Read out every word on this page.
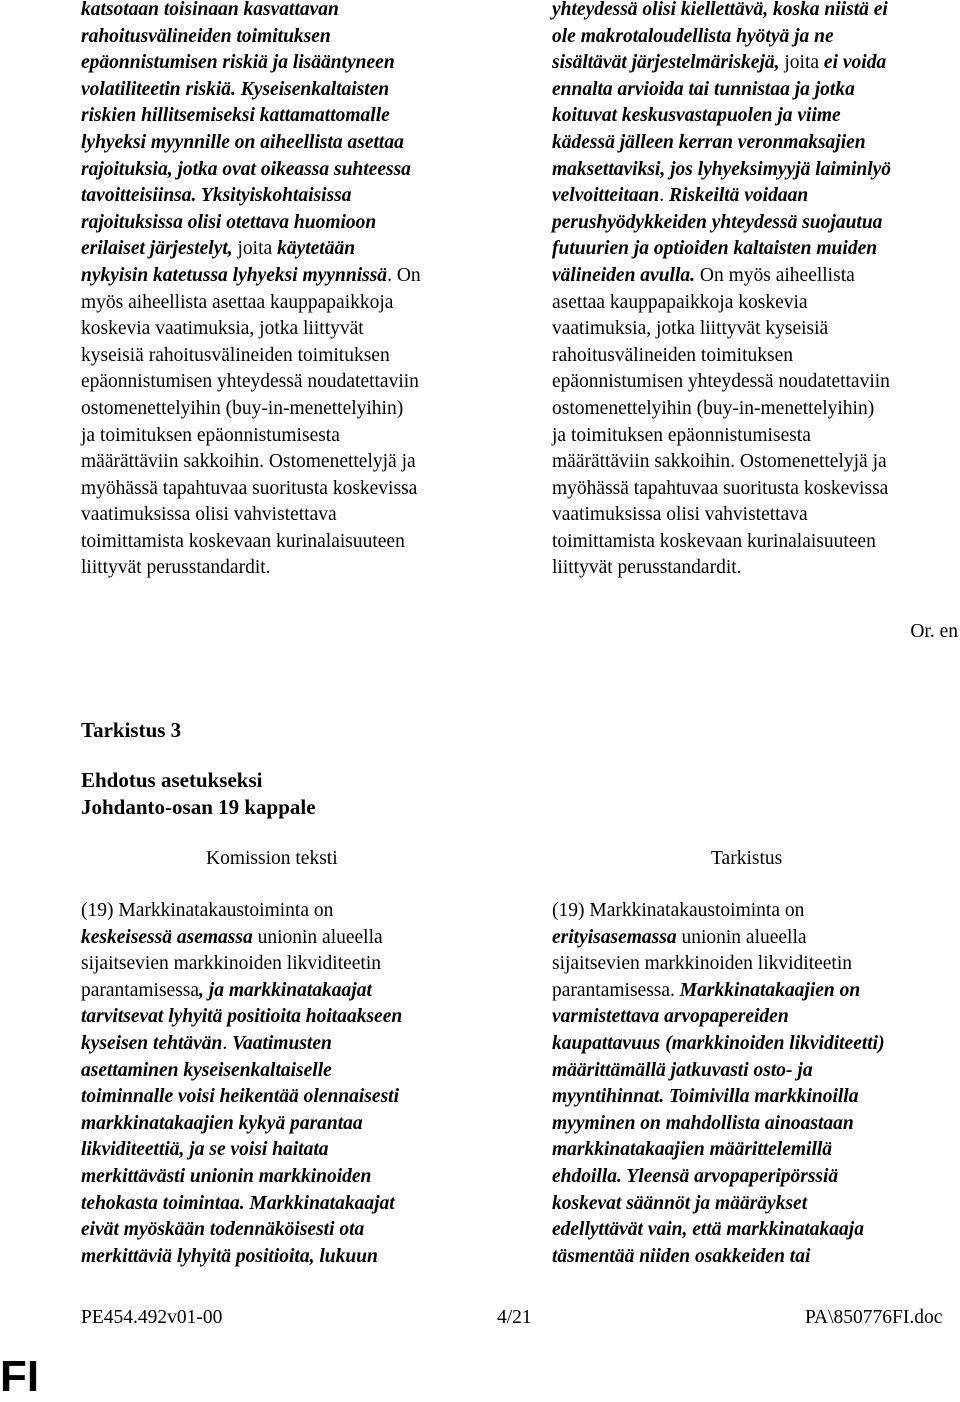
katsotaan toisinaan kasvattavan
rahoitusvälineiden toimituksen
epäonnistumisen riskiä ja lisääntyneen
volatiliteetin riskiä. Kyseisenkaltaisten
riskien hillitsemiseksi kattamattomalle
lyhyeksi myynnille on aiheellista asettaa
rajoituksia, jotka ovat oikeassa suhteessa
tavoitteisiinsa. Yksityiskohtaisissa
rajoituksissa olisi otettava huomioon
erilaiset järjestelyt, joita käytetään
nykyisin katetussa lyhyeksi myynnissä. On
myös aiheellista asettaa kauppapaikkoja
koskevia vaatimuksia, jotka liittyvät
kyseisiä rahoitusvälineiden toimituksen
epäonnistumisen yhteydessä noudatettaviin
ostomenettelyihin (buy-in-menettelyihin)
ja toimituksen epäonnistumisesta
määrättäviin sakkoihin. Ostomenettelyjä ja
myöhässä tapahtuvaa suoritusta koskevissa
vaatimuksissa olisi vahvistettava
toimittamista koskevaan kurinalaisuuteen
liittyvät perusstandardit.
yhteydessä olisi kiellettävä, koska niistä ei
ole makrotaloudellista hyötyä ja ne
sisältävät järjestelmäriskejä, joita ei voida
ennalta arvioida tai tunnistaa ja jotka
koituvat keskusvastapuolen ja viime
kädessä jälleen kerran veronmaksajien
maksettaviksi, jos lyhyeksimyyjä laiminlyö
velvoitteitaan. Riskeiltä voidaan
perushyödykkeiden yhteydessä suojautua
futuurien ja optioiden kaltaisten muiden
välineiden avulla. On myös aiheellista
asettaa kauppapaikkoja koskevia
vaatimuksia, jotka liittyvät kyseisiä
rahoitusvälineiden toimituksen
epäonnistumisen yhteydessä noudatettaviin
ostomenettelyihin (buy-in-menettelyihin)
ja toimituksen epäonnistumisesta
määrättäviin sakkoihin. Ostomenettelyjä ja
myöhässä tapahtuvaa suoritusta koskevissa
vaatimuksissa olisi vahvistettava
toimittamista koskevaan kurinalaisuuteen
liittyvät perusstandardit.
Or. en
Tarkistus 3
Ehdotus asetukseksi
Johdanto-osan 19 kappale
Komission teksti	Tarkistus
(19) Markkinatakaustoiminta on
keskeisessä asemassa unionin alueella
sijaitsevien markkinoiden likviditeetin
parantamisessa, ja markkinatakaajat
tarvitsevat lyhyitä positioita hoitaakseen
kyseisen tehtävän. Vaatimusten
asettaminen kyseisenkaltaiselle
toiminnalle voisi heikentää olennaisesti
markkinatakaajien kykyä parantaa
likviditeettiä, ja se voisi haitata
merkittävästi unionin markkinoiden
tehokasta toimintaa. Markkinatakaajat
eivät myöskään todennäköisesti ota
merkittäviä lyhyitä positioita, lukuun
(19) Markkinatakaustoiminta on
erityisasemassa unionin alueella
sijaitsevien markkinoiden likviditeetin
parantamisessa. Markkinatakaajien on
varmistettava arvopapereiden
kaupattavuus (markkinoiden likviditeetti)
määrittämällä jatkuvasti osto- ja
myyntihinnat. Toimivilla markkinoilla
myyminen on mahdollista ainoastaan
markkinatakaajien määrittelemillä
ehdoilla. Yleensä arvopaperipörssiä
koskevat säännöt ja määräykset
edellyttävät vain, että markkinatakaaja
täsmentää niiden osakkeiden tai
PE454.492v01-00	4/21	PA\850776FI.doc
FI
